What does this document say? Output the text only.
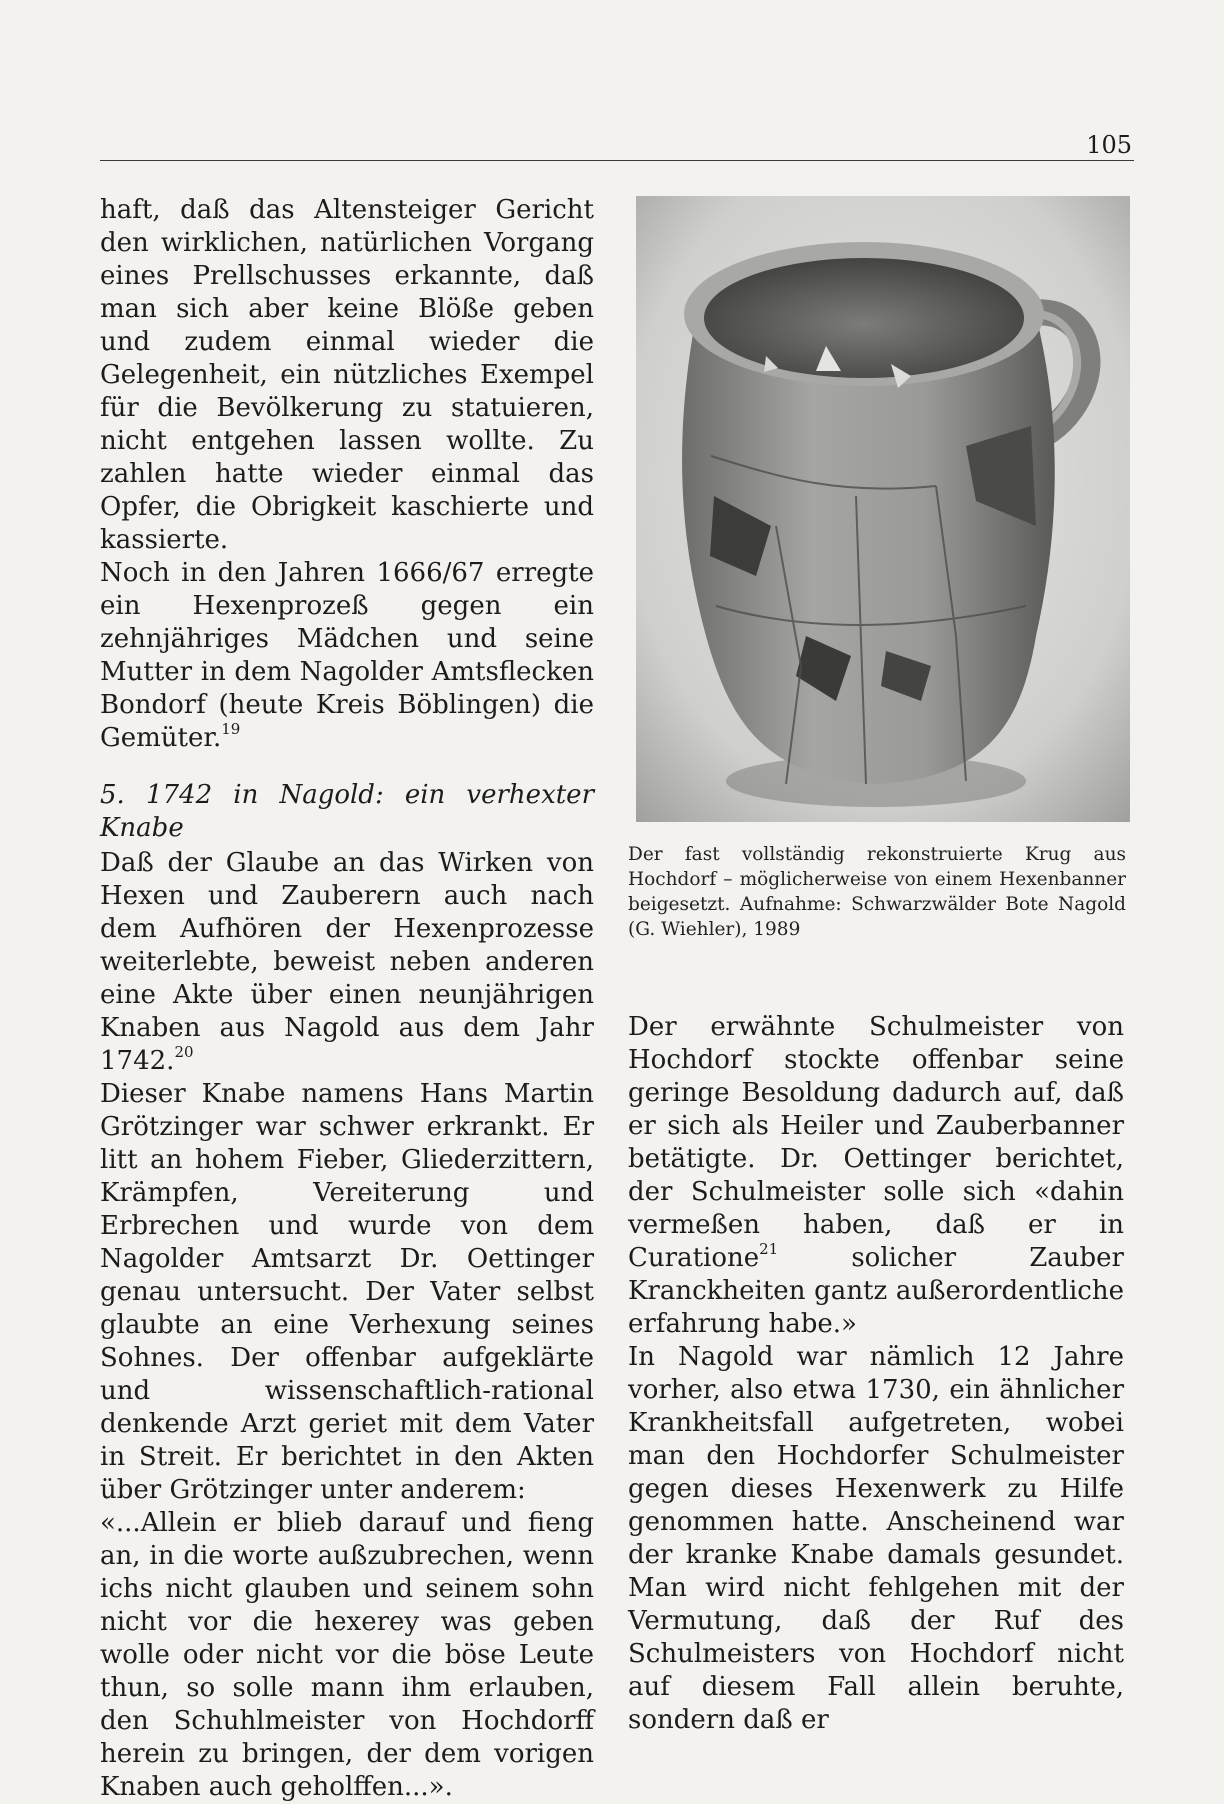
105

haft, daß das Altensteiger Gericht den wirklichen, natürlichen Vorgang eines Prellschusses erkannte, daß man sich aber keine Blöße geben und zudem einmal wieder die Gelegenheit, ein nützliches Exempel für die Bevölkerung zu statuieren, nicht entgehen lassen wollte. Zu zahlen hatte wieder einmal das Opfer, die Obrigkeit kaschierte und kassierte.

Noch in den Jahren 1666/67 erregte ein Hexenprozeß gegen ein zehnjähriges Mädchen und seine Mutter in dem Nagolder Amtsflecken Bondorf (heute Kreis Böblingen) die Gemüter.$^{19}$

5. 1742 in Nagold: ein verhexter Knabe

Daß der Glaube an das Wirken von Hexen und Zauberern auch nach dem Aufhören der Hexenprozesse weiterlebte, beweist neben anderen eine Akte über einen neunjährigen Knaben aus Nagold aus dem Jahr 1742.20

Dieser Knabe namens Hans Martin Grötzinger war schwer erkrankt. Er litt an hohem Fieber, Gliederzittern, Krämpfen, Vereiterung und Erbrechen und wurde von dem Nagolder Amtsarzt Dr. Oettinger genau untersucht. Der Vater selbst glaubte an eine Verhexung seines Sohnes. Der offenbar aufgeklärte und wissenschaftlich-rational denkende Arzt geriet mit dem Vater in Streit. Er berichtet in den Akten über Grötzinger unter anderem:

«...Allein er blieb darauf und fieng an, in die worte außzubrechen, wenn ichs nicht glauben und seinem sohn nicht vor die hexerey was geben wolle oder nicht vor die böse Leute thun, so solle mann ihm erlauben, den Schuhlmeister von Hochdorff herein zu bringen, der dem vorigen Knaben auch geholffen...».

Der fast vollständig rekonstruierte Krug aus Hochdorf – möglicherweise von einem Hexenbanner beigesetzt. Aufnahme: Schwarzwälder Bote Nagold (G. Wiehler), 1989

Der erwähnte Schulmeister von Hochdorf stockte offenbar seine geringe Besoldung dadurch auf, daß er sich als Heiler und Zauberbanner betätigte. Dr. Oettinger berichtet, der Schulmeister solle sich «dahin vermeßen haben, daß er in Curatione$^{21}$ solicher Zauber Kranckheiten gantz außerordentliche erfahrung habe.»

In Nagold war nämlich 12 Jahre vorher, also etwa 1730, ein ähnlicher Krankheitsfall aufgetreten, wobei man den Hochdorfer Schulmeister gegen dieses Hexenwerk zu Hilfe genommen hatte. Anscheinend war der kranke Knabe damals gesundet. Man wird nicht fehlgehen mit der Vermutung, daß der Ruf des Schulmeisters von Hochdorf nicht auf diesem Fall allein beruhte, sondern daß er
